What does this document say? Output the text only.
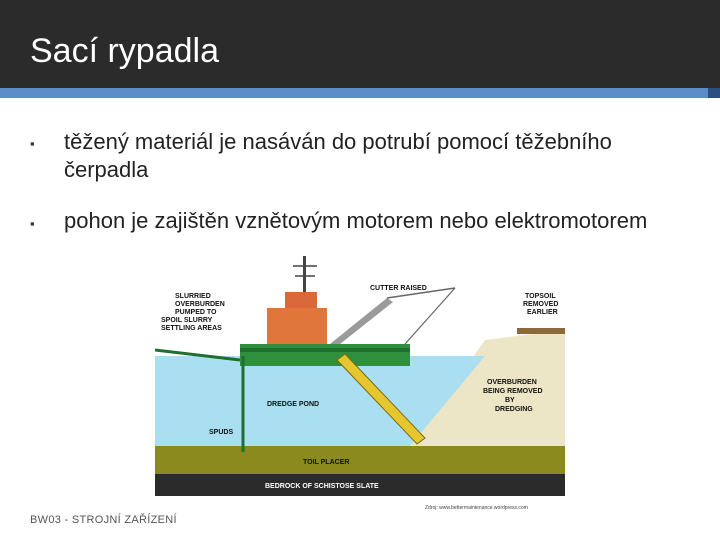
Sací rypadla
▪ těžený materiál je nasáván do potrubí pomocí těžebního čerpadla
▪ pohon je zajištěn vznětovým motorem nebo elektromotorem
SLURRIED OVERBURDEN PUMPED TO SPOIL SLURRY SETTLING AREAS
CUTTER RAISED
TOPSOIL REMOVED EARLIER
DREDGE POND
OVERBURDEN BEING REMOVED BY DREDGING
SPUDS
TOIL PLACER
BEDROCK OF SCHISTOSE SLATE
Zdroj: www.bettermaintenance.wordpress.com
BW03 - STROJNÍ ZAŘÍZENÍ
